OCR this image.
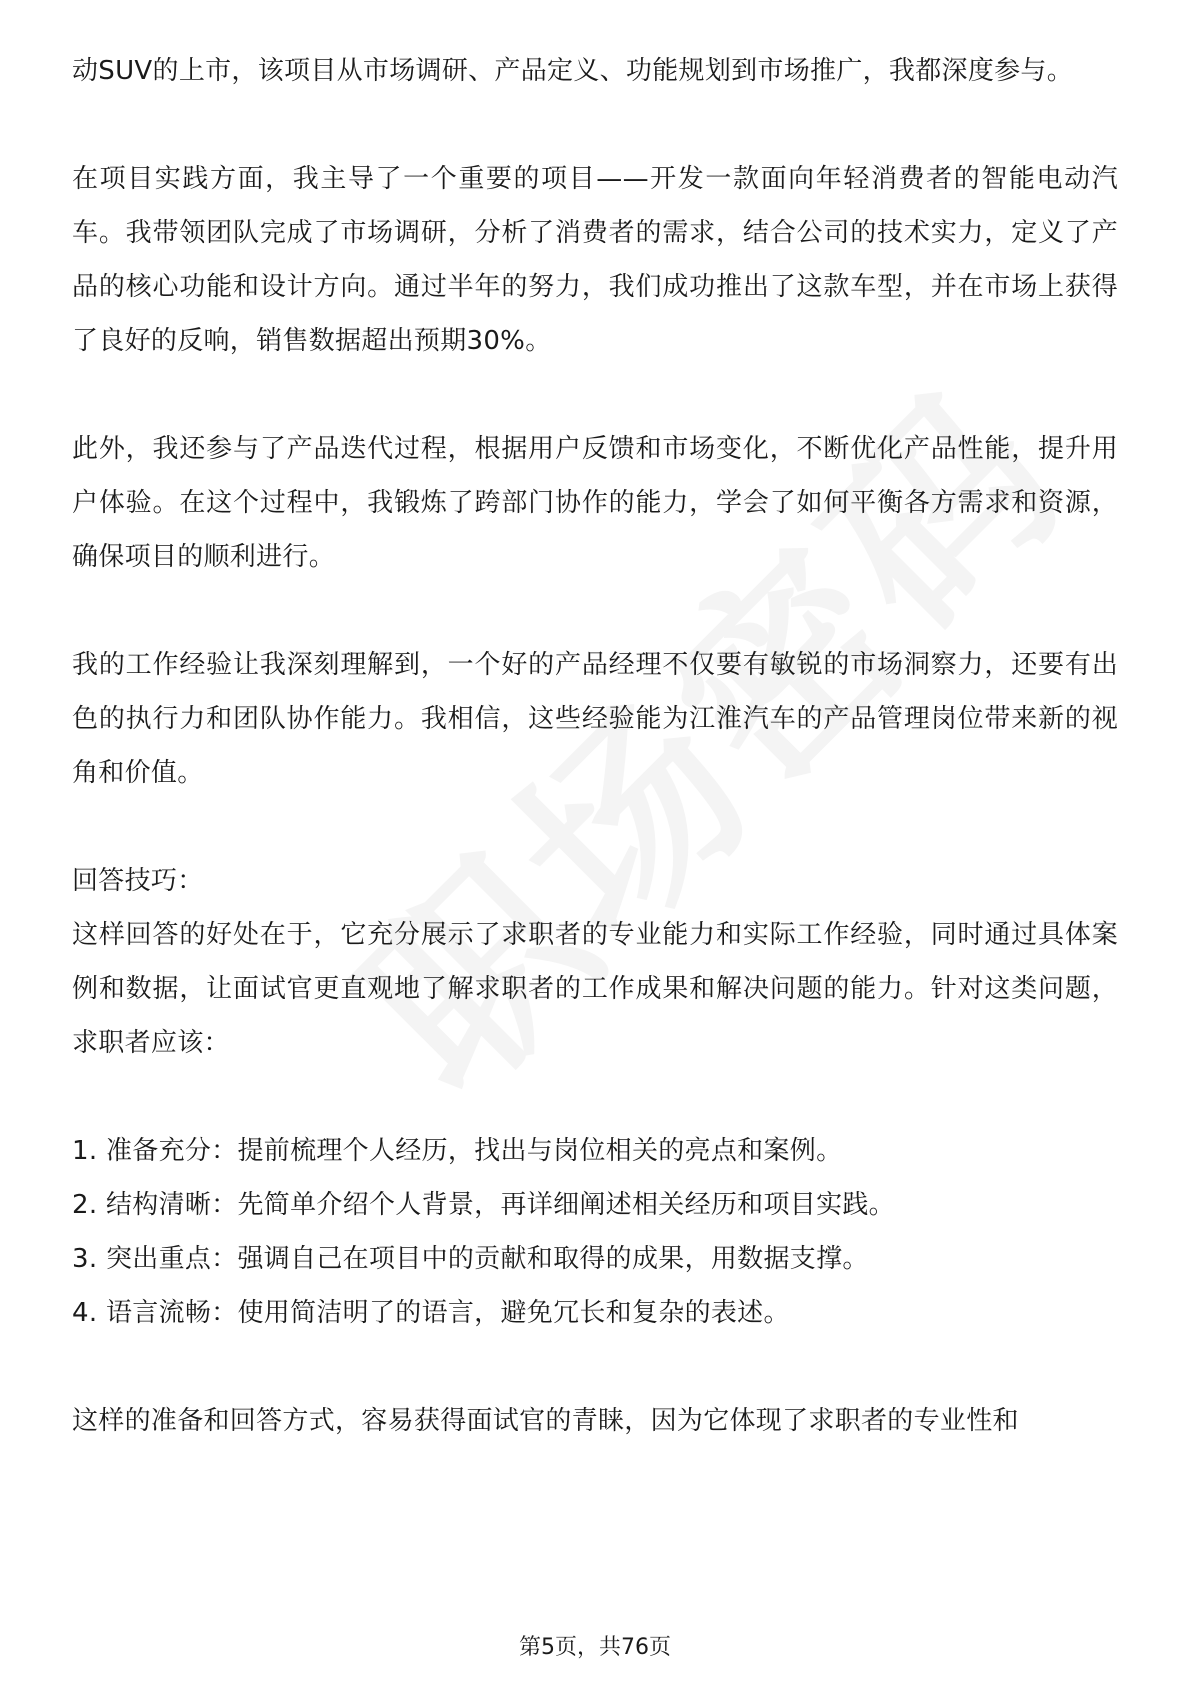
动SUV的上市，该项目从市场调研、产品定义、功能规划到市场推广，我都深度参与。

在项目实践方面，我主导了一个重要的项目——开发一款面向年轻消费者的智能电动汽车。我带领团队完成了市场调研，分析了消费者的需求，结合公司的技术实力，定义了产品的核心功能和设计方向。通过半年的努力，我们成功推出了这款车型，并在市场上获得了良好的反响，销售数据超出预期30%。

此外，我还参与了产品迭代过程，根据用户反馈和市场变化，不断优化产品性能，提升用户体验。在这个过程中，我锻炼了跨部门协作的能力，学会了如何平衡各方需求和资源，确保项目的顺利进行。

我的工作经验让我深刻理解到，一个好的产品经理不仅要有敏锐的市场洞察力，还要有出色的执行力和团队协作能力。我相信，这些经验能为江淮汽车的产品管理岗位带来新的视角和价值。

回答技巧：

这样回答的好处在于，它充分展示了求职者的专业能力和实际工作经验，同时通过具体案例和数据，让面试官更直观地了解求职者的工作成果和解决问题的能力。针对这类问题，求职者应该：

1. 准备充分：提前梳理个人经历，找出与岗位相关的亮点和案例。

2. 结构清晰：先简单介绍个人背景，再详细阐述相关经历和项目实践。

3. 突出重点：强调自己在项目中的贡献和取得的成果，用数据支撑。

4. 语言流畅：使用简洁明了的语言，避免冗长和复杂的表述。

这样的准备和回答方式，容易获得面试官的青睐，因为它体现了求职者的专业性和

第5页，共76页
